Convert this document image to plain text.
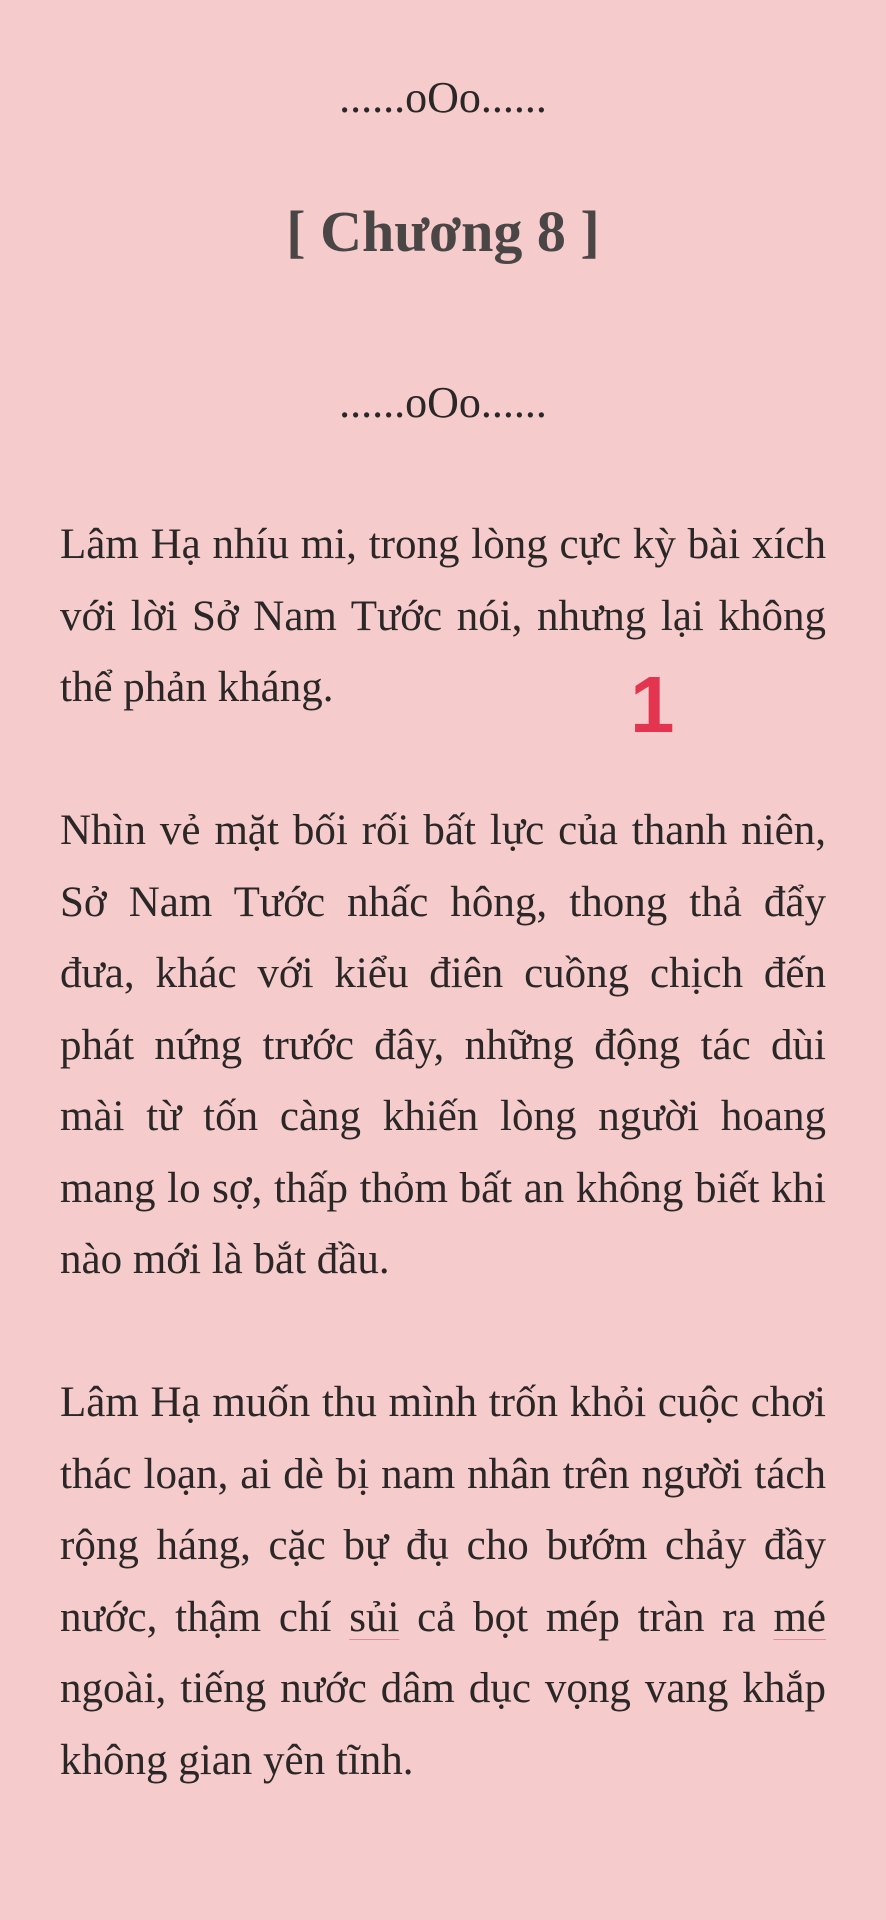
......oOo......
[ Chương 8 ]
......oOo......

Lâm Hạ nhíu mi, trong lòng cực kỳ bài xích với lời Sở Nam Tước nói, nhưng lại không thể phản kháng.	1

Nhìn vẻ mặt bối rối bất lực của thanh niên, Sở Nam Tước nhấc hông, thong thả đẩy đưa, khác với kiểu điên cuồng chịch đến phát nứng trước đây, những động tác dùi mài từ tốn càng khiến lòng người hoang mang lo sợ, thấp thỏm bất an không biết khi nào mới là bắt đầu.

Lâm Hạ muốn thu mình trốn khỏi cuộc chơi thác loạn, ai dè bị nam nhân trên người tách rộng háng, cặc bự đụ cho bướm chảy đầy nước, thậm chí sủi cả bọt mép tràn ra mé ngoài, tiếng nước dâm dục vọng vang khắp không gian yên tĩnh.
